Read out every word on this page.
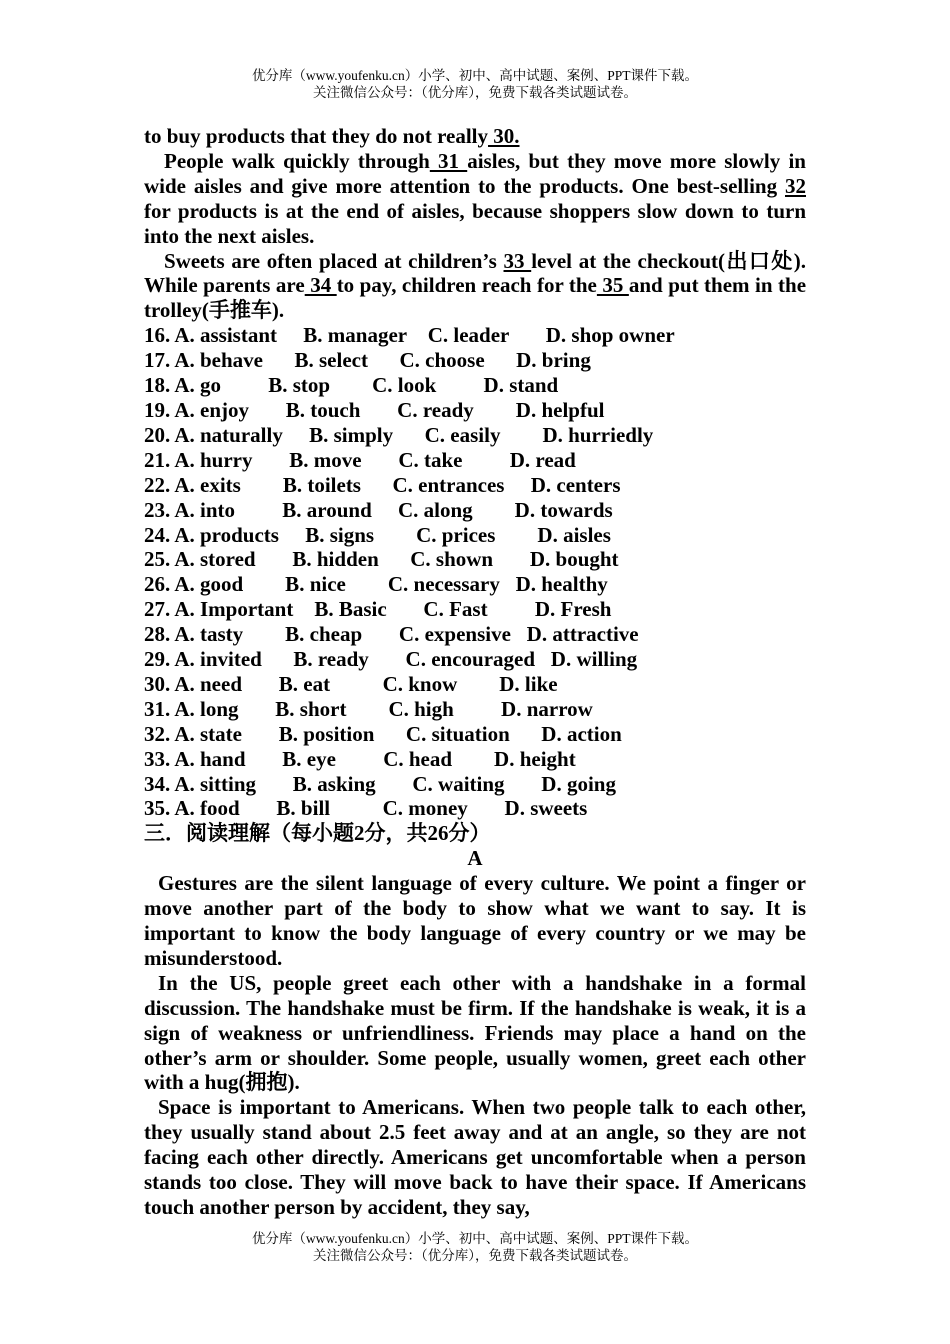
优分库（www.youfenku.cn）小学、初中、高中试题、案例、PPT课件下载。
关注微信公众号：（优分库），免费下载各类试题试卷。

to buy products that they do not really 30.

People walk quickly through 31 aisles, but they move more slowly in wide aisles and give more attention to the products. One best-selling 32 for products is at the end of aisles, because shoppers slow down to turn into the next aisles.

Sweets are often placed at children’s 33 level at the checkout(出口处). While parents are 34 to pay, children reach for the 35 and put them in the trolley(手推车).

16. A. assistant     B. manager    C. leader       D. shop owner

17. A. behave      B. select      C. choose      D. bring

18. A. go         B. stop        C. look         D. stand

19. A. enjoy       B. touch       C. ready        D. helpful

20. A. naturally     B. simply      C. easily        D. hurriedly

21. A. hurry       B. move       C. take         D. read

22. A. exits        B. toilets      C. entrances     D. centers

23. A. into         B. around     C. along        D. towards

24. A. products     B. signs        C. prices        D. aisles

25. A. stored       B. hidden      C. shown       D. bought

26. A. good        B. nice        C. necessary   D. healthy

27. A. Important    B. Basic       C. Fast         D. Fresh

28. A. tasty        B. cheap       C. expensive   D. attractive

29. A. invited      B. ready       C. encouraged   D. willing

30. A. need       B. eat          C. know        D. like

31. A. long       B. short        C. high         D. narrow

32. A. state       B. position      C. situation      D. action

33. A. hand       B. eye         C. head        D. height

34. A. sitting       B. asking       C. waiting       D. going

35. A. food       B. bill          C. money       D. sweets

三．阅读理解（每小题2分，共26分）

A

Gestures are the silent language of every culture. We point a finger or move another part of the body to show what we want to say. It is important to know the body language of every country or we may be misunderstood.

In the US, people greet each other with a handshake in a formal discussion. The handshake must be firm. If the handshake is weak, it is a sign of weakness or unfriendliness. Friends may place a hand on the other’s arm or shoulder. Some people, usually women, greet each other with a hug(拥抱).

Space is important to Americans. When two people talk to each other, they usually stand about 2.5 feet away and at an angle, so they are not facing each other directly. Americans get uncomfortable when a person stands too close. They will move back to have their space. If Americans touch another person by accident, they say,

优分库（www.youfenku.cn）小学、初中、高中试题、案例、PPT课件下载。
关注微信公众号：（优分库），免费下载各类试题试卷。
